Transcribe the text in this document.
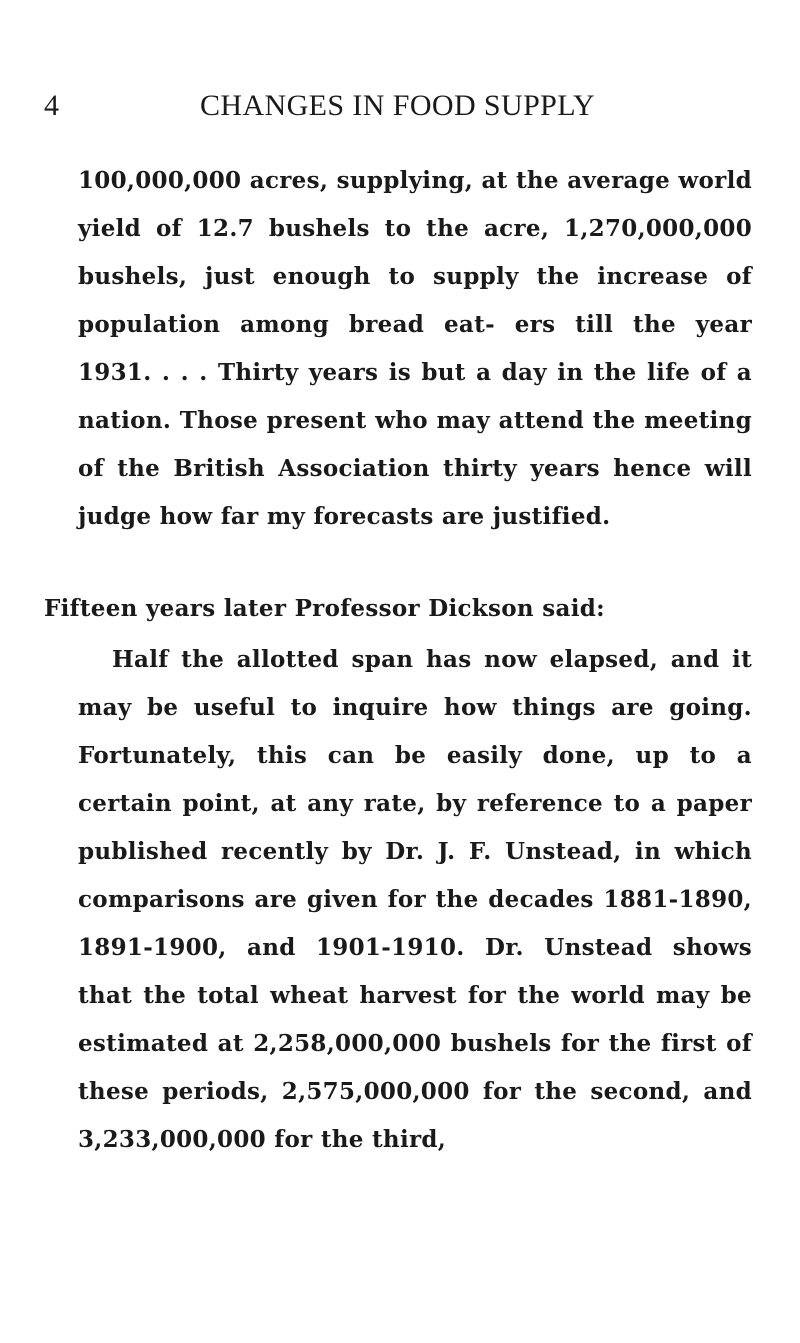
4	CHANGES IN FOOD SUPPLY
100,000,000 acres, supplying, at the average world yield of 12.7 bushels to the acre, 1,270,000,000 bushels, just enough to supply the increase of population among bread eat- ers till the year 1931. . . . Thirty years is but a day in the life of a nation. Those present who may attend the meeting of the British Association thirty years hence will judge how far my forecasts are justified.
Fifteen years later Professor Dickson said:
Half the allotted span has now elapsed, and it may be useful to inquire how things are going. Fortunately, this can be easily done, up to a certain point, at any rate, by reference to a paper published recently by Dr. J. F. Unstead, in which comparisons are given for the decades 1881-1890, 1891-1900, and 1901-1910. Dr. Unstead shows that the total wheat harvest for the world may be estimated at 2,258,000,000 bushels for the first of these periods, 2,575,000,000 for the second, and 3,233,000,000 for the third,
